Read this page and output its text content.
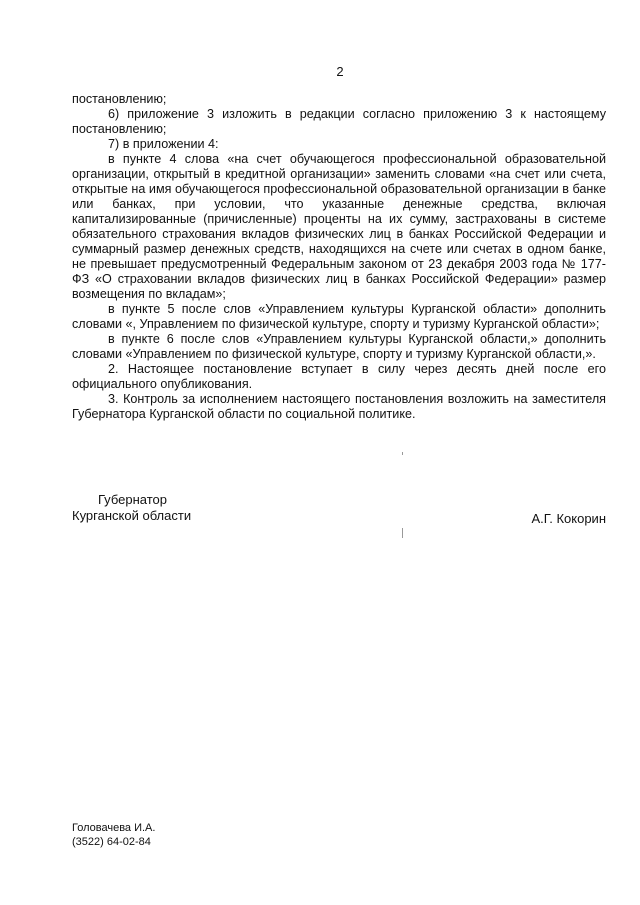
2

постановлению;

6) приложение 3 изложить в редакции согласно приложению 3 к настоящему постановлению;

7) в приложении 4:

в пункте 4 слова «на счет обучающегося профессиональной образовательной организации, открытый в кредитной организации» заменить словами «на счет или счета, открытые на имя обучающегося профессиональной образовательной организации в банке или банках, при условии, что указанные денежные средства, включая капитализированные (причисленные) проценты на их сумму, застрахованы в системе обязательного страхования вкладов физических лиц в банках Российской Федерации и суммарный размер денежных средств, находящихся на счете или счетах в одном банке, не превышает предусмотренный Федеральным законом от 23 декабря 2003 года № 177-ФЗ «О страховании вкладов физических лиц в банках Российской Федерации» размер возмещения по вкладам»;

в пункте 5 после слов «Управлением культуры Курганской области» дополнить словами «, Управлением по физической культуре, спорту и туризму Курганской области»;

в пункте 6 после слов «Управлением культуры Курганской области,» дополнить словами «Управлением по физической культуре, спорту и туризму Курганской области,».

2. Настоящее постановление вступает в силу через десять дней после его официального опубликования.

3. Контроль за исполнением настоящего постановления возложить на заместителя Губернатора Курганской области по социальной политике.

Губернатор
Курганской области	А.Г. Кокорин
Головачева И.А.
(3522) 64-02-84
